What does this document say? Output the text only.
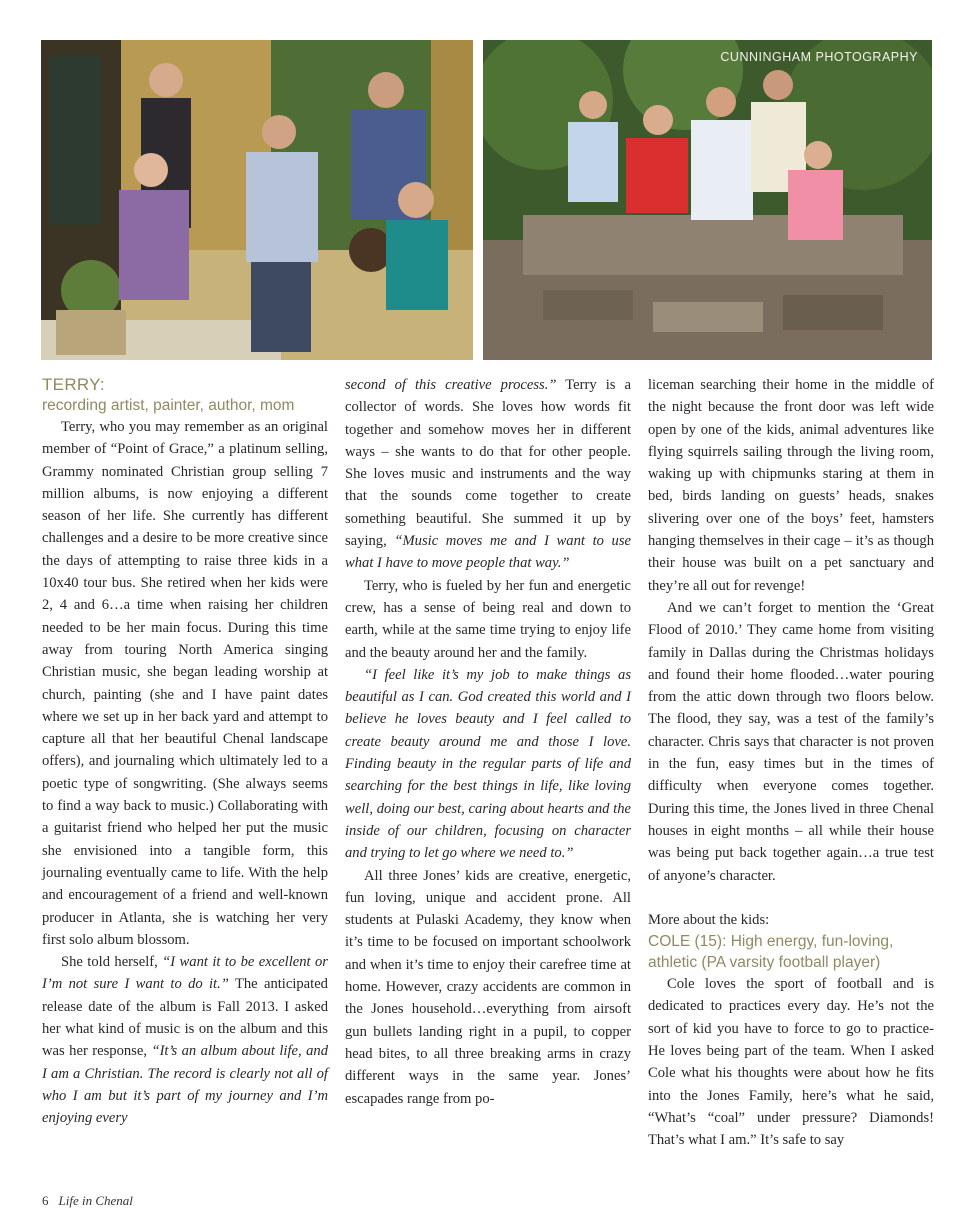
CUNNINGHAM PHOTOGRAPHY
TERRY:
recording artist, painter, author, mom

Terry, who you may remember as an original member of “Point of Grace,” a platinum selling, Grammy nominated Christian group selling 7 million albums, is now enjoying a different season of her life. She currently has different challenges and a desire to be more creative since the days of attempting to raise three kids in a 10x40 tour bus. She retired when her kids were 2, 4 and 6…a time when raising her children needed to be her main focus. During this time away from touring North America singing Christian music, she began leading worship at church, painting (she and I have paint dates where we set up in her back yard and attempt to capture all that her beautiful Chenal landscape offers), and journaling which ultimately led to a poetic type of songwriting. (She always seems to find a way back to music.) Collaborating with a guitarist friend who helped her put the music she envisioned into a tangible form, this journaling eventually came to life. With the help and encouragement of a friend and well-known producer in Atlanta, she is watching her very first solo album blossom.

She told herself, “I want it to be excellent or I’m not sure I want to do it.” The anticipated release date of the album is Fall 2013. I asked her what kind of music is on the album and this was her response, “It’s an album about life, and I am a Christian. The record is clearly not all of who I am but it’s part of my journey and I’m enjoying every

second of this creative process.” Terry is a collector of words. She loves how words fit together and somehow moves her in different ways – she wants to do that for other people. She loves music and instruments and the way that the sounds come together to create something beautiful. She summed it up by saying, “Music moves me and I want to use what I have to move people that way.”

Terry, who is fueled by her fun and energetic crew, has a sense of being real and down to earth, while at the same time trying to enjoy life and the beauty around her and the family.

“I feel like it’s my job to make things as beautiful as I can. God created this world and I believe he loves beauty and I feel called to create beauty around me and those I love. Finding beauty in the regular parts of life and searching for the best things in life, like loving well, doing our best, caring about hearts and the inside of our children, focusing on character and trying to let go where we need to.”

All three Jones’ kids are creative, energetic, fun loving, unique and accident prone. All students at Pulaski Academy, they know when it’s time to be focused on important schoolwork and when it’s time to enjoy their carefree time at home. However, crazy accidents are common in the Jones household…everything from airsoft gun bullets landing right in a pupil, to copper head bites, to all three breaking arms in crazy different ways in the same year. Jones’ escapades range from po-

liceman searching their home in the middle of the night because the front door was left wide open by one of the kids, animal adventures like flying squirrels sailing through the living room, waking up with chipmunks staring at them in bed, birds landing on guests’ heads, snakes slivering over one of the boys’ feet, hamsters hanging themselves in their cage – it’s as though their house was built on a pet sanctuary and they’re all out for revenge!

And we can’t forget to mention the ‘Great Flood of 2010.’ They came home from visiting family in Dallas during the Christmas holidays and found their home flooded…water pouring from the attic down through two floors below. The flood, they say, was a test of the family’s character. Chris says that character is not proven in the fun, easy times but in the times of difficulty when everyone comes together. During this time, the Jones lived in three Chenal houses in eight months – all while their house was being put back together again…a true test of anyone’s character.

More about the kids:

COLE (15): High energy, fun-loving, athletic (PA varsity football player)

Cole loves the sport of football and is dedicated to practices every day. He’s not the sort of kid you have to force to go to practice- He loves being part of the team. When I asked Cole what his thoughts were about how he fits into the Jones Family, here’s what he said, “What’s “coal” under pressure? Diamonds! That’s what I am.” It’s safe to say

6 Life in Chenal
